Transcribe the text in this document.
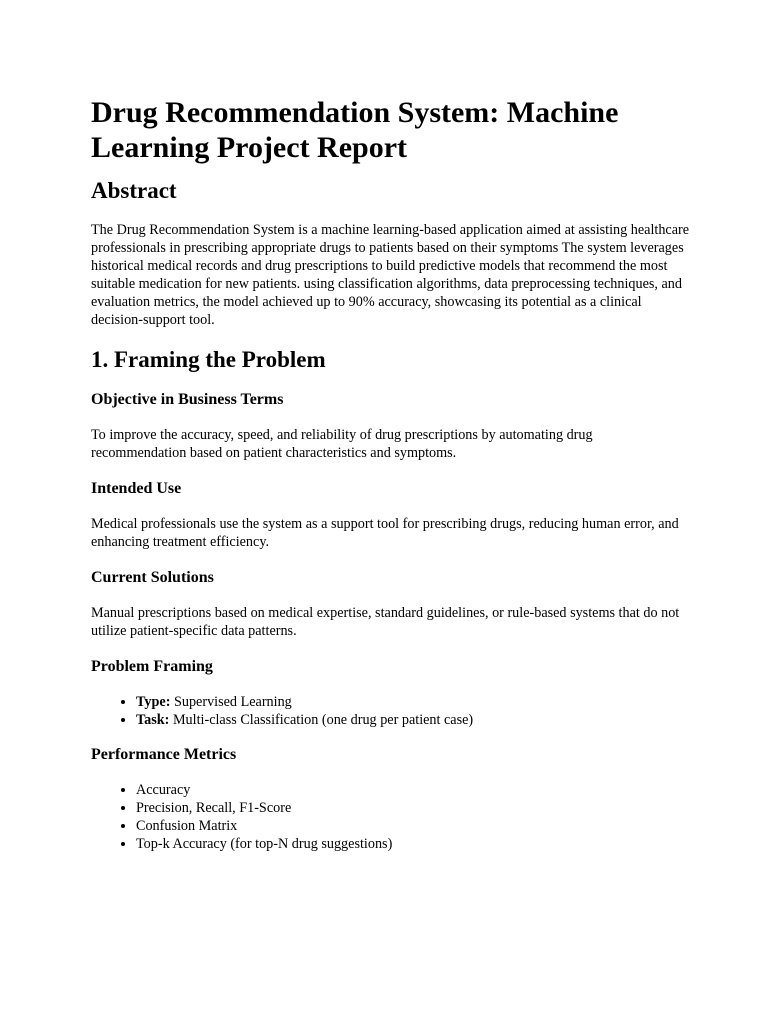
Drug Recommendation System: Machine Learning Project Report
Abstract

The Drug Recommendation System is a machine learning-based application aimed at assisting healthcare professionals in prescribing appropriate drugs to patients based on their symptoms The system leverages historical medical records and drug prescriptions to build predictive models that recommend the most suitable medication for new patients. using classification algorithms, data preprocessing techniques, and evaluation metrics, the model achieved up to 90% accuracy, showcasing its potential as a clinical decision-support tool.

1. Framing the Problem
Objective in Business Terms

To improve the accuracy, speed, and reliability of drug prescriptions by automating drug recommendation based on patient characteristics and symptoms.

Intended Use

Medical professionals use the system as a support tool for prescribing drugs, reducing human error, and enhancing treatment efficiency.

Current Solutions

Manual prescriptions based on medical expertise, standard guidelines, or rule-based systems that do not utilize patient-specific data patterns.

Problem Framing
• Type: Supervised Learning
• Task: Multi-class Classification (one drug per patient case)
Performance Metrics
• Accuracy
• Precision, Recall, F1-Score
• Confusion Matrix
• Top-k Accuracy (for top-N drug suggestions)
